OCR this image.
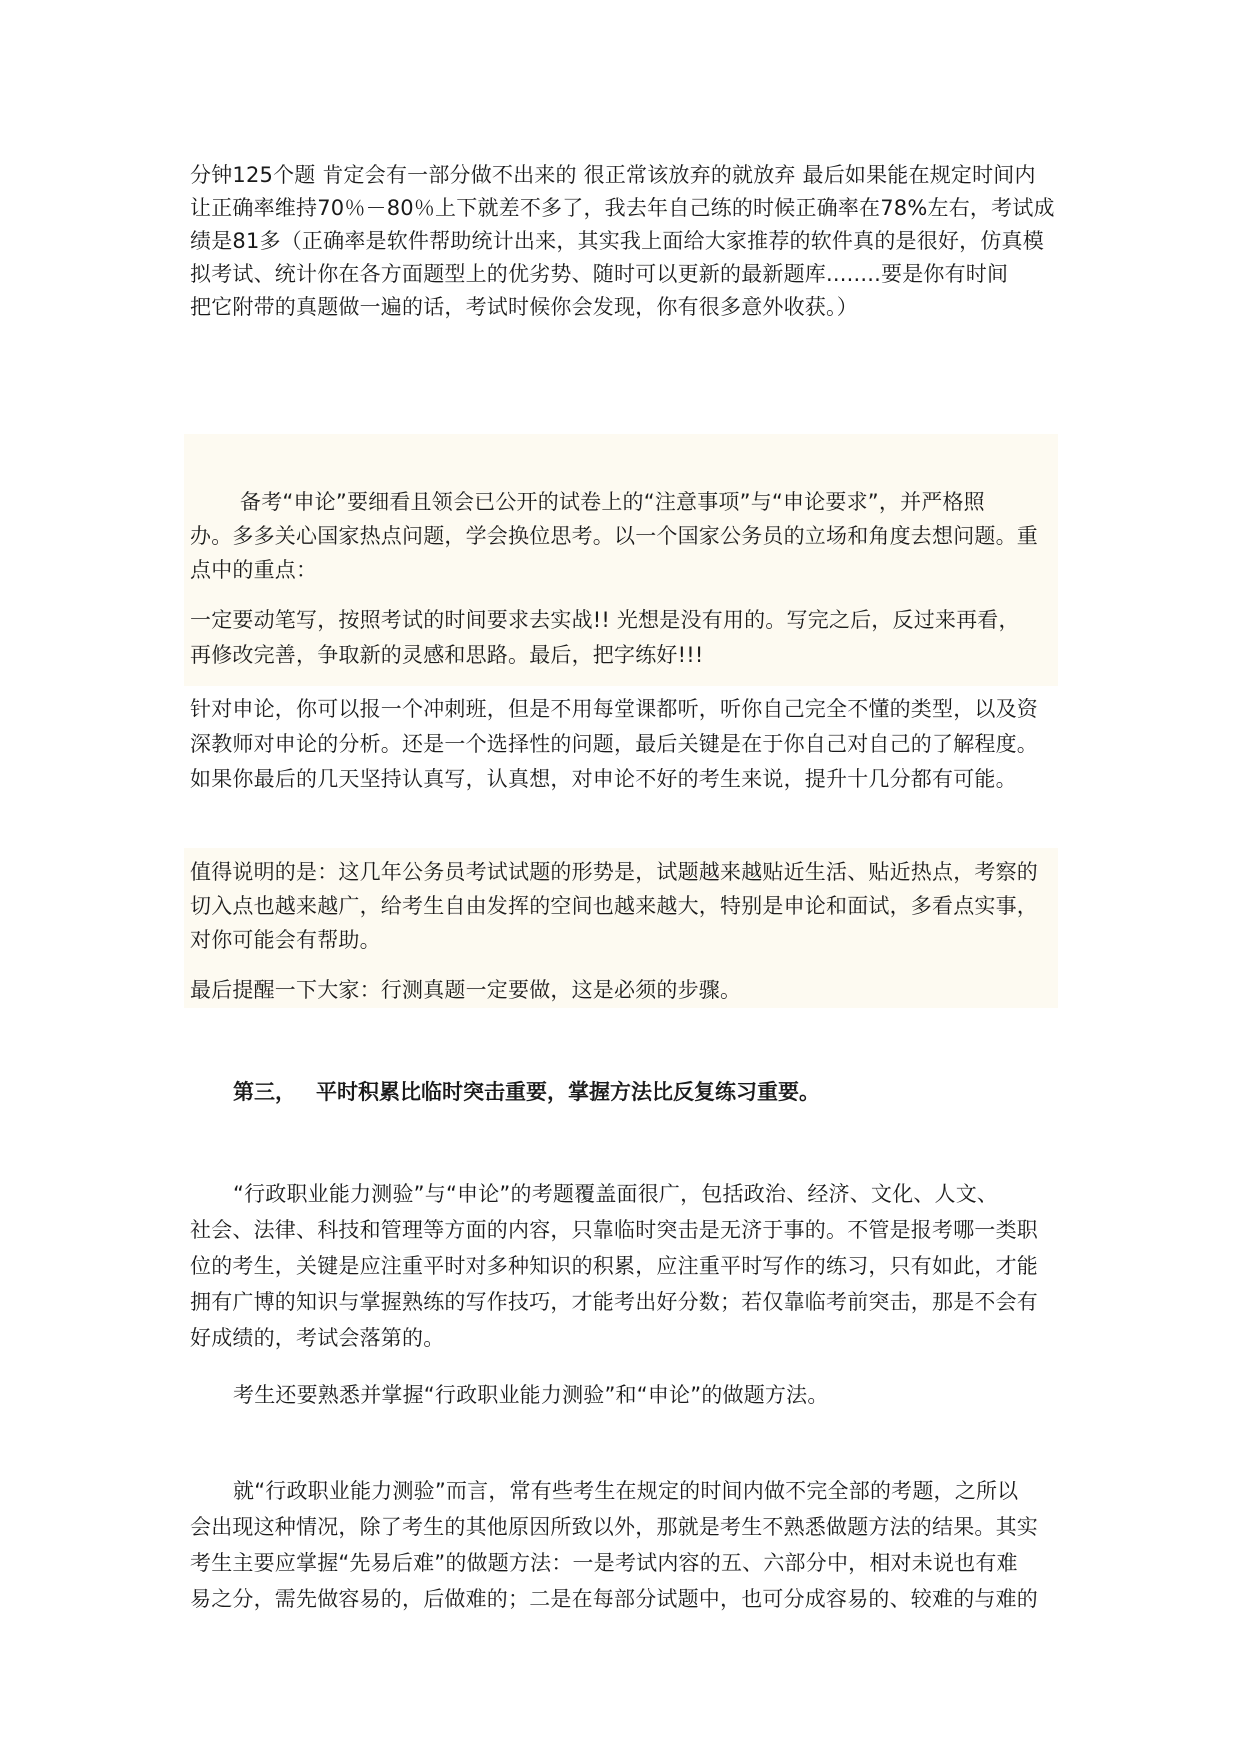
分钟125个题 肯定会有一部分做不出来的 很正常该放弃的就放弃 最后如果能在规定时间内
让正确率维持70％－80％上下就差不多了，我去年自己练的时候正确率在78%左右，考试成
绩是81多（正确率是软件帮助统计出来，其实我上面给大家推荐的软件真的是很好，仿真模
拟考试、统计你在各方面题型上的优劣势、随时可以更新的最新题库........要是你有时间
把它附带的真题做一遍的话，考试时候你会发现，你有很多意外收获。）
备考“申论”要细看且领会已公开的试卷上的“注意事项”与“申论要求”，并严格照
办。多多关心国家热点问题，学会换位思考。以一个国家公务员的立场和角度去想问题。重
点中的重点：
一定要动笔写，按照考试的时间要求去实战!! 光想是没有用的。写完之后，反过来再看，
再修改完善，争取新的灵感和思路。最后，把字练好!!!
针对申论，你可以报一个冲刺班，但是不用每堂课都听，听你自己完全不懂的类型，以及资
深教师对申论的分析。还是一个选择性的问题，最后关键是在于你自己对自己的了解程度。
如果你最后的几天坚持认真写，认真想，对申论不好的考生来说，提升十几分都有可能。
值得说明的是：这几年公务员考试试题的形势是，试题越来越贴近生活、贴近热点，考察的
切入点也越来越广，给考生自由发挥的空间也越来越大，特别是申论和面试，多看点实事，
对你可能会有帮助。
最后提醒一下大家：行测真题一定要做，这是必须的步骤。
第三， 平时积累比临时突击重要，掌握方法比反复练习重要。
“行政职业能力测验”与“申论”的考题覆盖面很广，包括政治、经济、文化、人文、
社会、法律、科技和管理等方面的内容，只靠临时突击是无济于事的。不管是报考哪一类职
位的考生，关键是应注重平时对多种知识的积累，应注重平时写作的练习，只有如此，才能
拥有广博的知识与掌握熟练的写作技巧，才能考出好分数；若仅靠临考前突击，那是不会有
好成绩的，考试会落第的。
考生还要熟悉并掌握“行政职业能力测验”和“申论”的做题方法。
就“行政职业能力测验”而言，常有些考生在规定的时间内做不完全部的考题，之所以
会出现这种情况，除了考生的其他原因所致以外，那就是考生不熟悉做题方法的结果。其实
考生主要应掌握“先易后难”的做题方法：一是考试内容的五、六部分中，相对未说也有难
易之分，需先做容易的，后做难的；二是在每部分试题中，也可分成容易的、较难的与难的
